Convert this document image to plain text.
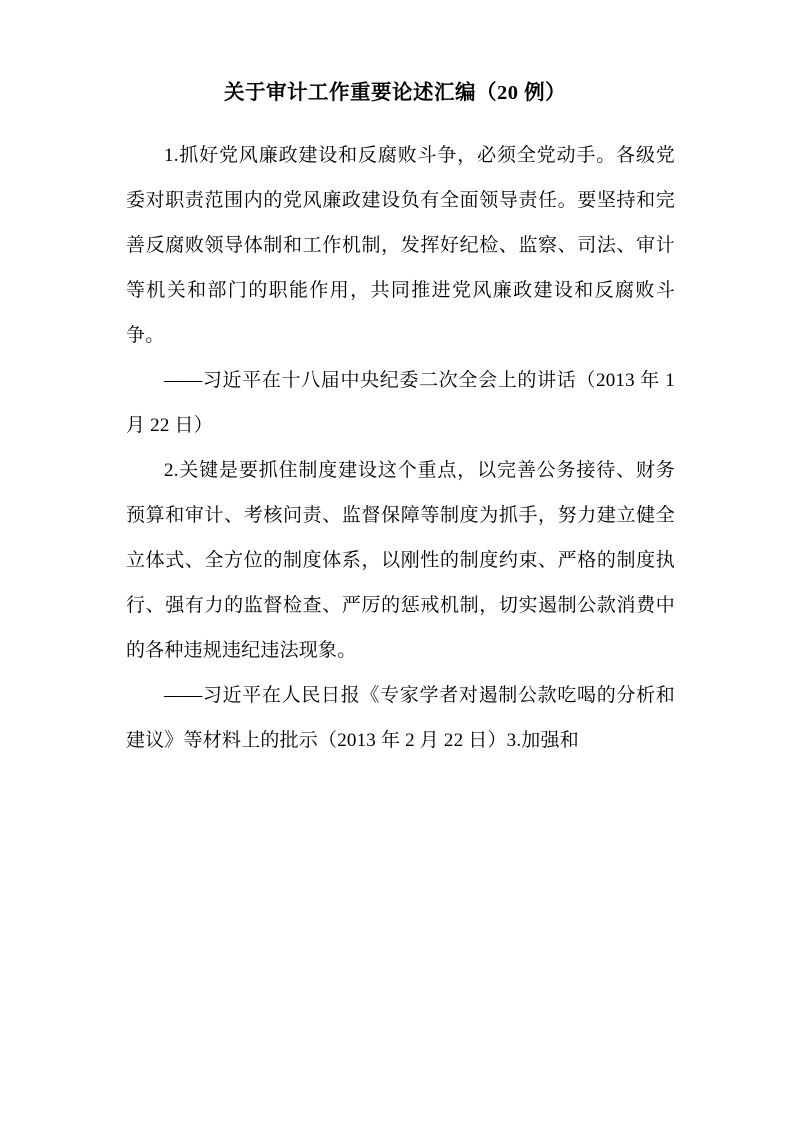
关于审计工作重要论述汇编（20 例）

1.抓好党风廉政建设和反腐败斗争，必须全党动手。各级党委对职责范围内的党风廉政建设负有全面领导责任。要坚持和完善反腐败领导体制和工作机制，发挥好纪检、监察、司法、审计等机关和部门的职能作用，共同推进党风廉政建设和反腐败斗争。

——习近平在十八届中央纪委二次全会上的讲话（2013 年 1 月 22 日）

2.关键是要抓住制度建设这个重点，以完善公务接待、财务预算和审计、考核问责、监督保障等制度为抓手，努力建立健全立体式、全方位的制度体系，以刚性的制度约束、严格的制度执行、强有力的监督检查、严厉的惩戒机制，切实遏制公款消费中的各种违规违纪违法现象。

——习近平在人民日报《专家学者对遏制公款吃喝的分析和建议》等材料上的批示（2013 年 2 月 22 日）3.加强和
